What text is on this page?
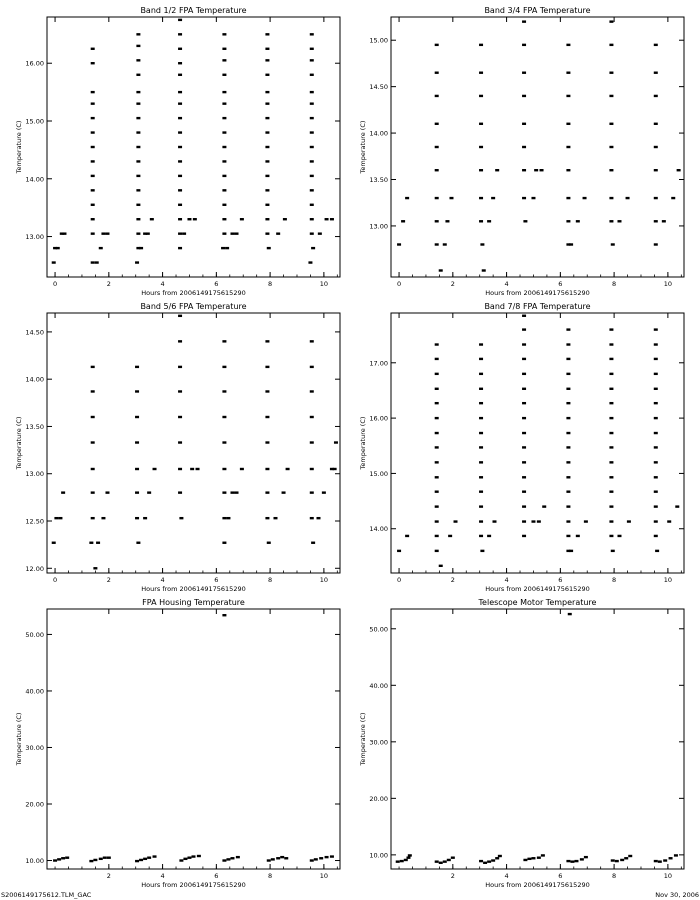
Band 1/2 FPA Temperature
0	2	4	6	8	10
13.00
14.00
15.00
16.00
Hours from 2006149175615290
Temperature (C)
Band 3/4 FPA Temperature
0	2	4	6	8	10
13.00
13.50
14.00
14.50
15.00
Hours from 2006149175615290
Temperature (C)
Band 5/6 FPA Temperature
0	2	4	6	8	10
12.00
12.50
13.00
13.50
14.00
14.50
Hours from 2006149175615290
Temperature (C)
Band 7/8 FPA Temperature
0	2	4	6	8	10
14.00
15.00
16.00
17.00
Hours from 2006149175615290
Temperature (C)
FPA Housing Temperature
2	4	6	8	10
10.00
20.00
30.00
40.00
50.00
Hours from 2006149175615290
Temperature (C)
Telescope Motor Temperature
2	4	6	8	10
10.00
20.00
30.00
40.00
50.00
Hours from 2006149175615290
Temperature (C)
S2006149175612.TLM_GAC	Nov 30, 2006
